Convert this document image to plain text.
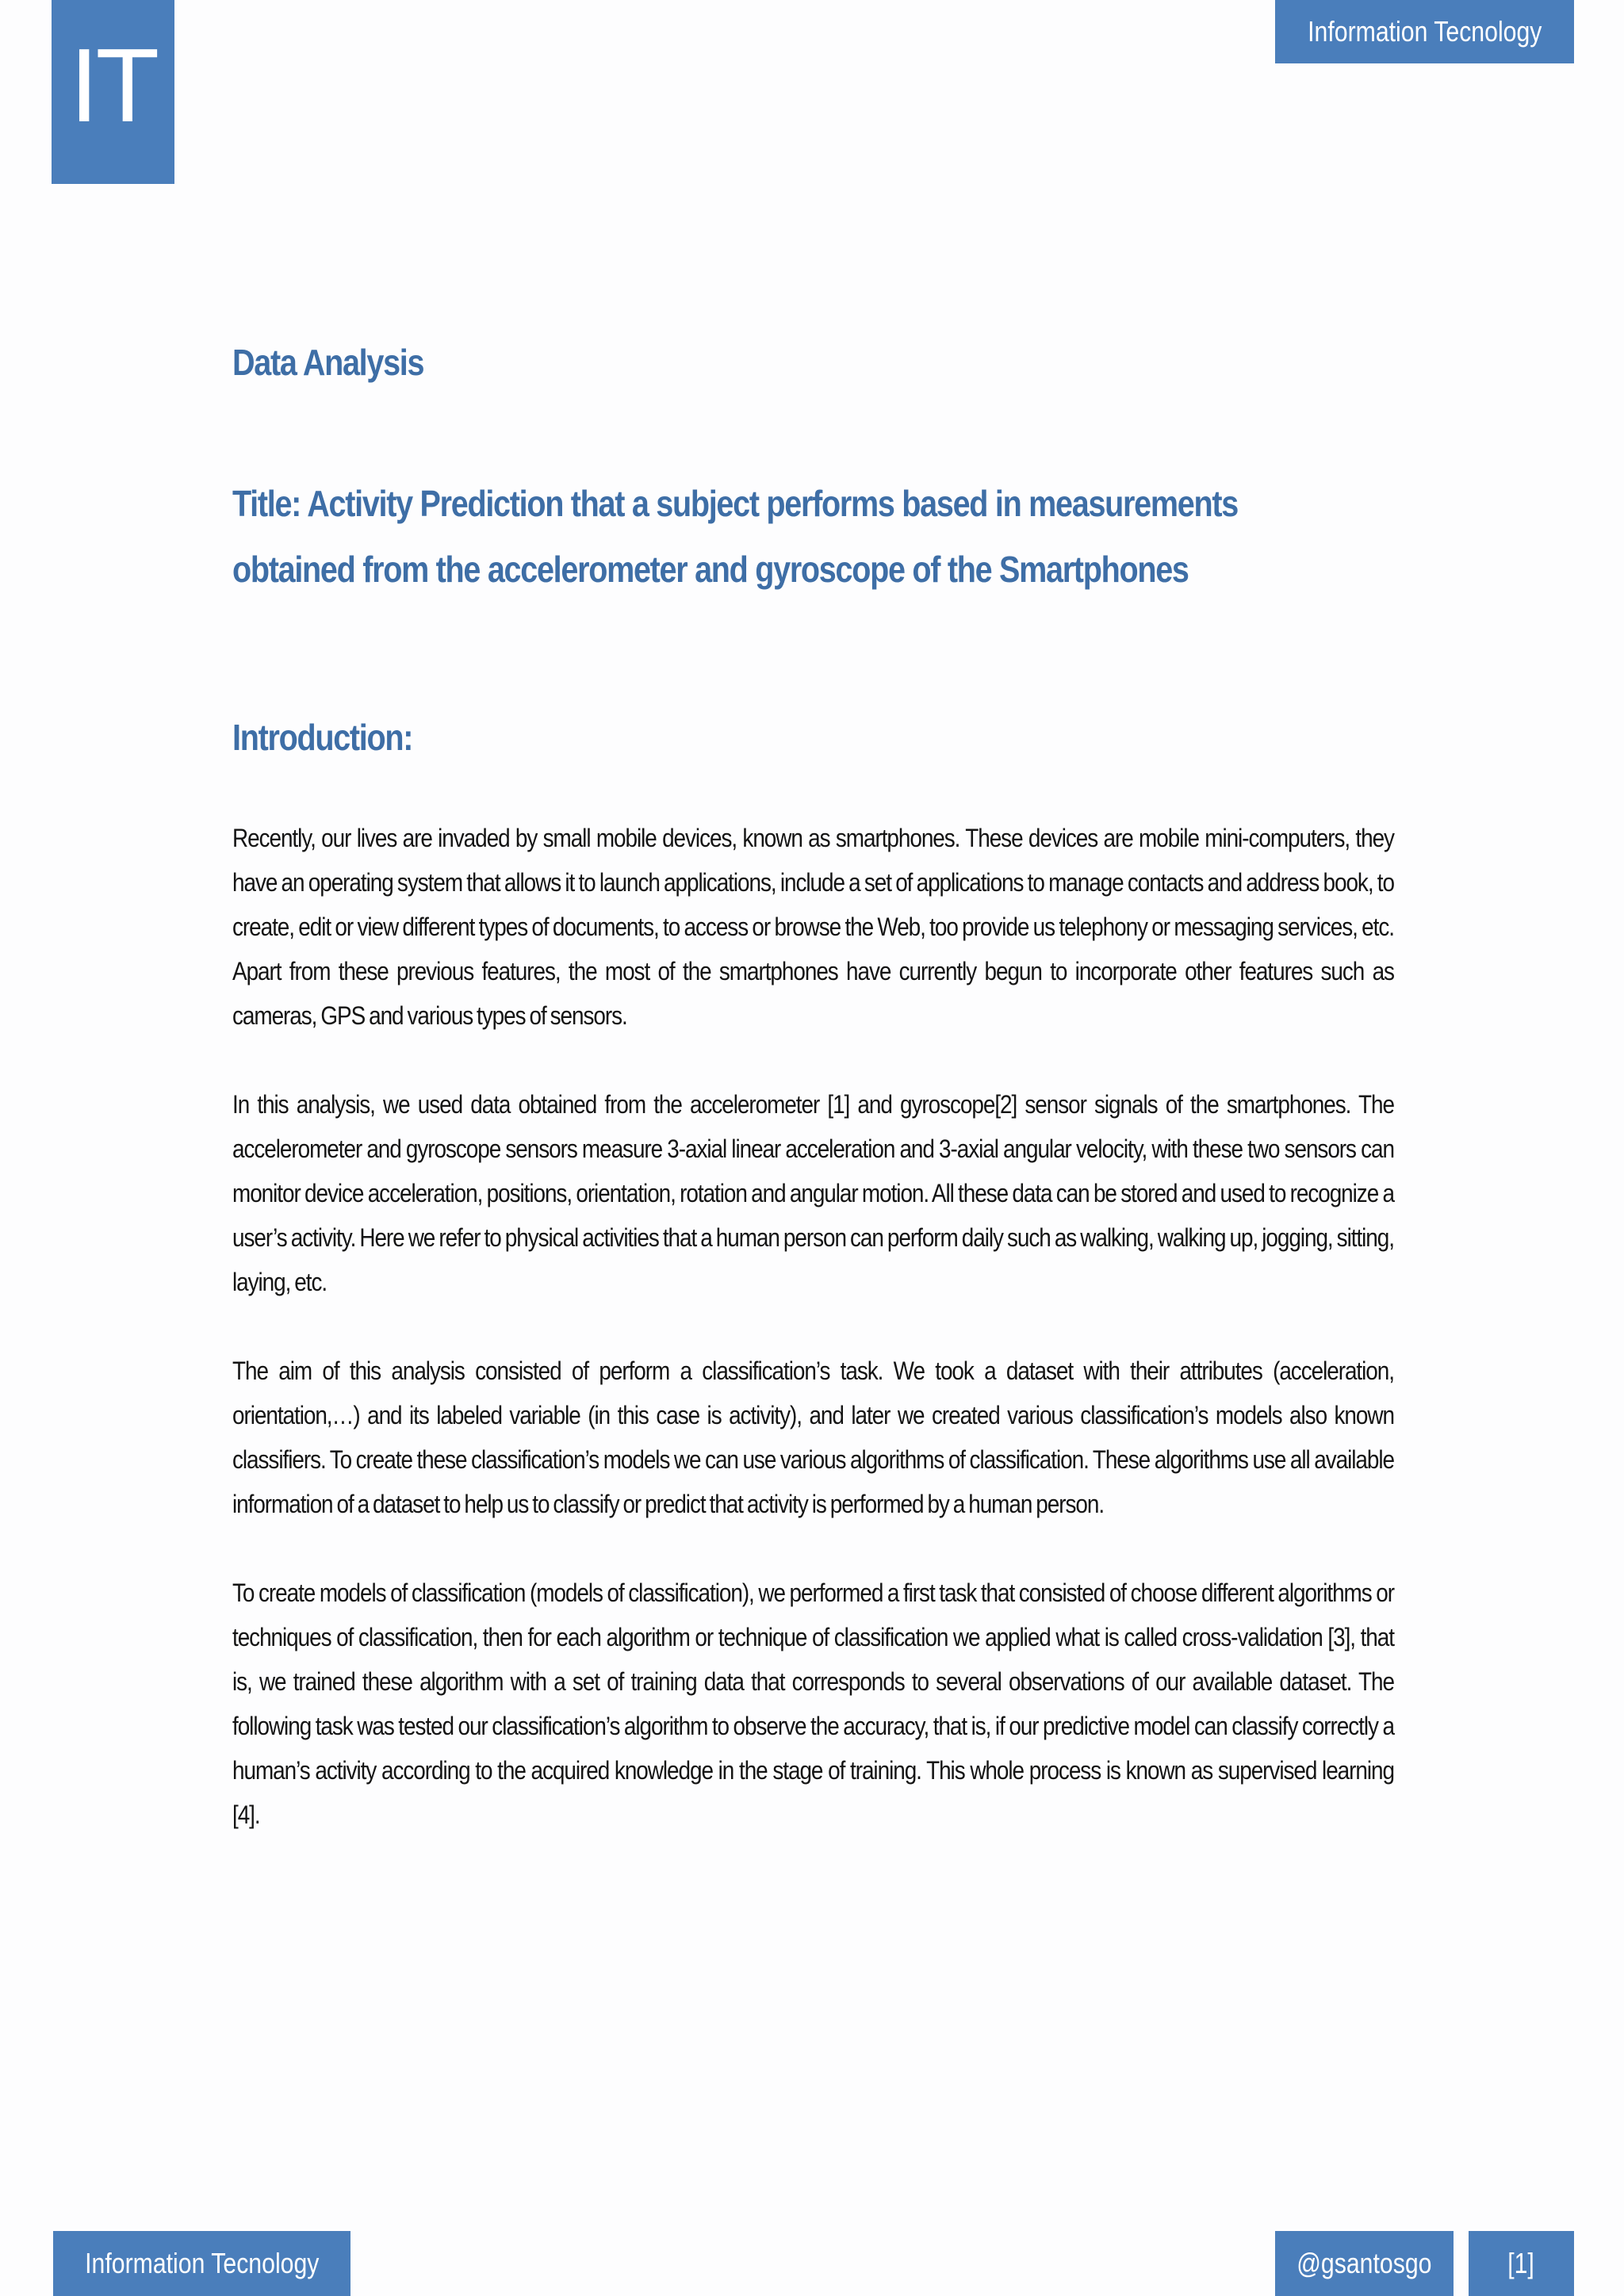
IT	Information Tecnology
Data Analysis
Title: Activity Prediction that a subject performs based in measurements
obtained from the accelerometer and gyroscope of the Smartphones
Introduction:

Recently, our lives are invaded by small mobile devices, known as smartphones. These devices are mobile mini-computers, they have an operating system that allows it to launch applications, include a set of applications to manage contacts and address book, to create, edit or view different types of documents, to access or browse the Web, too provide us telephony or messaging services, etc. Apart from these previous features, the most of the smartphones have currently begun to incorporate other features such as cameras, GPS and various types of sensors.

In this analysis, we used data obtained from the accelerometer [1] and gyroscope[2] sensor signals of the smartphones. The accelerometer and gyroscope sensors measure 3-axial linear acceleration and 3-axial angular velocity, with these two sensors can monitor device acceleration, positions, orientation, rotation and angular motion. All these data can be stored and used to recognize a user’s activity. Here we refer to physical activities that a human person can perform daily such as walking, walking up, jogging, sitting, laying, etc.

The aim of this analysis consisted of perform a classification’s task. We took a dataset with their attributes (acceleration, orientation,…) and its labeled variable (in this case is activity), and later we created various classification’s models also known classifiers. To create these classification’s models we can use various algorithms of classification. These algorithms use all available information of a dataset to help us to classify or predict that activity is performed by a human person.

To create models of classification (models of classification), we performed a first task that consisted of choose different algorithms or techniques of classification, then for each algorithm or technique of classification we applied what is called cross-validation [3], that is, we trained these algorithm with a set of training data that corresponds to several observations of our available dataset. The following task was tested our classification’s algorithm to observe the accuracy, that is, if our predictive model can classify correctly a human’s activity according to the acquired knowledge in the stage of training. This whole process is known as supervised learning [4].

Information Tecnology	@gsantosgo	[1]
